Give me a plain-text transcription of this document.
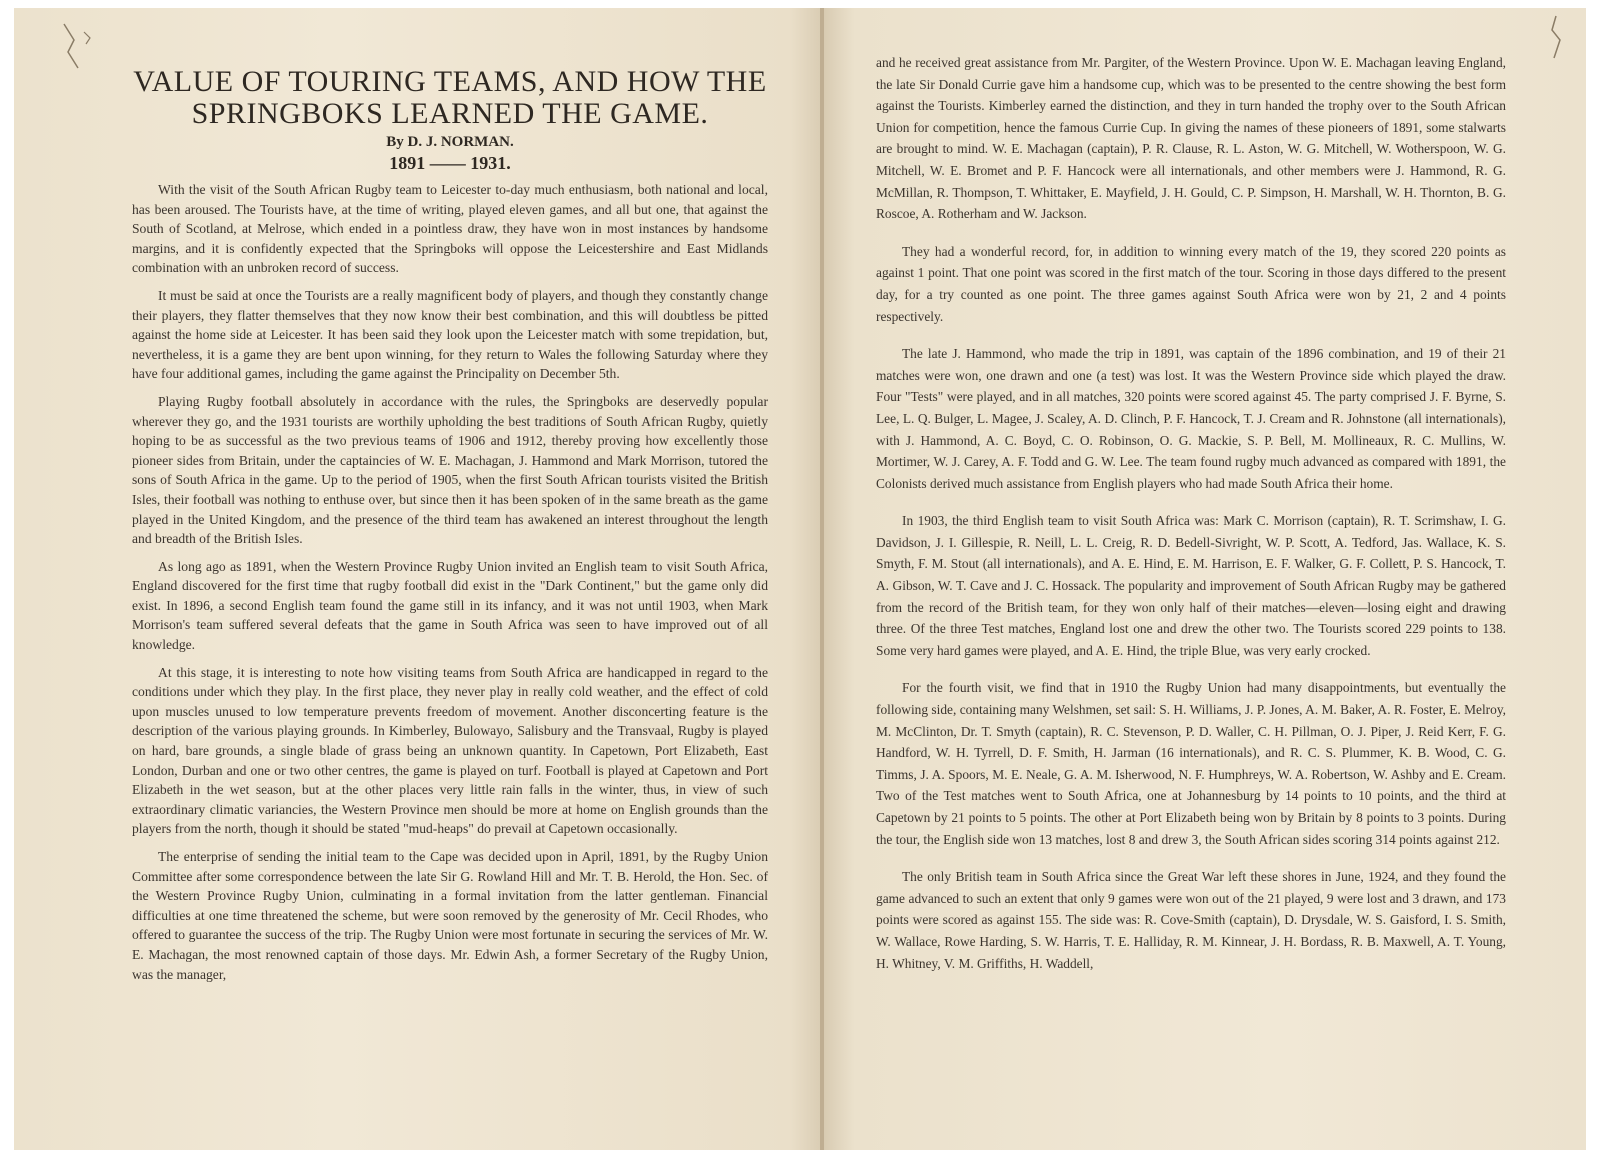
VALUE OF TOURING TEAMS, AND HOW THE SPRINGBOKS LEARNED THE GAME.
By D. J. NORMAN.
1891 —— 1931.

With the visit of the South African Rugby team to Leicester to-day much enthusiasm, both national and local, has been aroused. The Tourists have, at the time of writing, played eleven games, and all but one, that against the South of Scotland, at Melrose, which ended in a pointless draw, they have won in most instances by handsome margins, and it is confidently expected that the Springboks will oppose the Leicestershire and East Midlands combination with an unbroken record of success.

It must be said at once the Tourists are a really magnificent body of players, and though they constantly change their players, they flatter themselves that they now know their best combination, and this will doubtless be pitted against the home side at Leicester. It has been said they look upon the Leicester match with some trepidation, but, nevertheless, it is a game they are bent upon winning, for they return to Wales the following Saturday where they have four additional games, including the game against the Principality on December 5th.

Playing Rugby football absolutely in accordance with the rules, the Springboks are deservedly popular wherever they go, and the 1931 tourists are worthily upholding the best traditions of South African Rugby, quietly hoping to be as successful as the two previous teams of 1906 and 1912, thereby proving how excellently those pioneer sides from Britain, under the captaincies of W. E. Machagan, J. Hammond and Mark Morrison, tutored the sons of South Africa in the game. Up to the period of 1905, when the first South African tourists visited the British Isles, their football was nothing to enthuse over, but since then it has been spoken of in the same breath as the game played in the United Kingdom, and the presence of the third team has awakened an interest throughout the length and breadth of the British Isles.

As long ago as 1891, when the Western Province Rugby Union invited an English team to visit South Africa, England discovered for the first time that rugby football did exist in the "Dark Continent," but the game only did exist. In 1896, a second English team found the game still in its infancy, and it was not until 1903, when Mark Morrison's team suffered several defeats that the game in South Africa was seen to have improved out of all knowledge.

At this stage, it is interesting to note how visiting teams from South Africa are handicapped in regard to the conditions under which they play. In the first place, they never play in really cold weather, and the effect of cold upon muscles unused to low temperature prevents freedom of movement. Another disconcerting feature is the description of the various playing grounds. In Kimberley, Bulowayo, Salisbury and the Transvaal, Rugby is played on hard, bare grounds, a single blade of grass being an unknown quantity. In Capetown, Port Elizabeth, East London, Durban and one or two other centres, the game is played on turf. Football is played at Capetown and Port Elizabeth in the wet season, but at the other places very little rain falls in the winter, thus, in view of such extraordinary climatic variancies, the Western Province men should be more at home on English grounds than the players from the north, though it should be stated "mud-heaps" do prevail at Capetown occasionally.

The enterprise of sending the initial team to the Cape was decided upon in April, 1891, by the Rugby Union Committee after some correspondence between the late Sir G. Rowland Hill and Mr. T. B. Herold, the Hon. Sec. of the Western Province Rugby Union, culminating in a formal invitation from the latter gentleman. Financial difficulties at one time threatened the scheme, but were soon removed by the generosity of Mr. Cecil Rhodes, who offered to guarantee the success of the trip. The Rugby Union were most fortunate in securing the services of Mr. W. E. Machagan, the most renowned captain of those days. Mr. Edwin Ash, a former Secretary of the Rugby Union, was the manager,

and he received great assistance from Mr. Pargiter, of the Western Province. Upon W. E. Machagan leaving England, the late Sir Donald Currie gave him a handsome cup, which was to be presented to the centre showing the best form against the Tourists. Kimberley earned the distinction, and they in turn handed the trophy over to the South African Union for competition, hence the famous Currie Cup. In giving the names of these pioneers of 1891, some stalwarts are brought to mind. W. E. Machagan (captain), P. R. Clause, R. L. Aston, W. G. Mitchell, W. Wotherspoon, W. G. Mitchell, W. E. Bromet and P. F. Hancock were all internationals, and other members were J. Hammond, R. G. McMillan, R. Thompson, T. Whittaker, E. Mayfield, J. H. Gould, C. P. Simpson, H. Marshall, W. H. Thornton, B. G. Roscoe, A. Rotherham and W. Jackson.

They had a wonderful record, for, in addition to winning every match of the 19, they scored 220 points as against 1 point. That one point was scored in the first match of the tour. Scoring in those days differed to the present day, for a try counted as one point. The three games against South Africa were won by 21, 2 and 4 points respectively.

The late J. Hammond, who made the trip in 1891, was captain of the 1896 combination, and 19 of their 21 matches were won, one drawn and one (a test) was lost. It was the Western Province side which played the draw. Four "Tests" were played, and in all matches, 320 points were scored against 45. The party comprised J. F. Byrne, S. Lee, L. Q. Bulger, L. Magee, J. Scaley, A. D. Clinch, P. F. Hancock, T. J. Cream and R. Johnstone (all internationals), with J. Hammond, A. C. Boyd, C. O. Robinson, O. G. Mackie, S. P. Bell, M. Mollineaux, R. C. Mullins, W. Mortimer, W. J. Carey, A. F. Todd and G. W. Lee. The team found rugby much advanced as compared with 1891, the Colonists derived much assistance from English players who had made South Africa their home.

In 1903, the third English team to visit South Africa was: Mark C. Morrison (captain), R. T. Scrimshaw, I. G. Davidson, J. I. Gillespie, R. Neill, L. L. Creig, R. D. Bedell-Sivright, W. P. Scott, A. Tedford, Jas. Wallace, K. S. Smyth, F. M. Stout (all internationals), and A. E. Hind, E. M. Harrison, E. F. Walker, G. F. Collett, P. S. Hancock, T. A. Gibson, W. T. Cave and J. C. Hossack. The popularity and improvement of South African Rugby may be gathered from the record of the British team, for they won only half of their matches—eleven—losing eight and drawing three. Of the three Test matches, England lost one and drew the other two. The Tourists scored 229 points to 138. Some very hard games were played, and A. E. Hind, the triple Blue, was very early crocked.

For the fourth visit, we find that in 1910 the Rugby Union had many disappointments, but eventually the following side, containing many Welshmen, set sail: S. H. Williams, J. P. Jones, A. M. Baker, A. R. Foster, E. Melroy, M. McClinton, Dr. T. Smyth (captain), R. C. Stevenson, P. D. Waller, C. H. Pillman, O. J. Piper, J. Reid Kerr, F. G. Handford, W. H. Tyrrell, D. F. Smith, H. Jarman (16 internationals), and R. C. S. Plummer, K. B. Wood, C. G. Timms, J. A. Spoors, M. E. Neale, G. A. M. Isherwood, N. F. Humphreys, W. A. Robertson, W. Ashby and E. Cream. Two of the Test matches went to South Africa, one at Johannesburg by 14 points to 10 points, and the third at Capetown by 21 points to 5 points. The other at Port Elizabeth being won by Britain by 8 points to 3 points. During the tour, the English side won 13 matches, lost 8 and drew 3, the South African sides scoring 314 points against 212.

The only British team in South Africa since the Great War left these shores in June, 1924, and they found the game advanced to such an extent that only 9 games were won out of the 21 played, 9 were lost and 3 drawn, and 173 points were scored as against 155. The side was: R. Cove-Smith (captain), D. Drysdale, W. S. Gaisford, I. S. Smith, W. Wallace, Rowe Harding, S. W. Harris, T. E. Halliday, R. M. Kinnear, J. H. Bordass, R. B. Maxwell, A. T. Young, H. Whitney, V. M. Griffiths, H. Waddell,
